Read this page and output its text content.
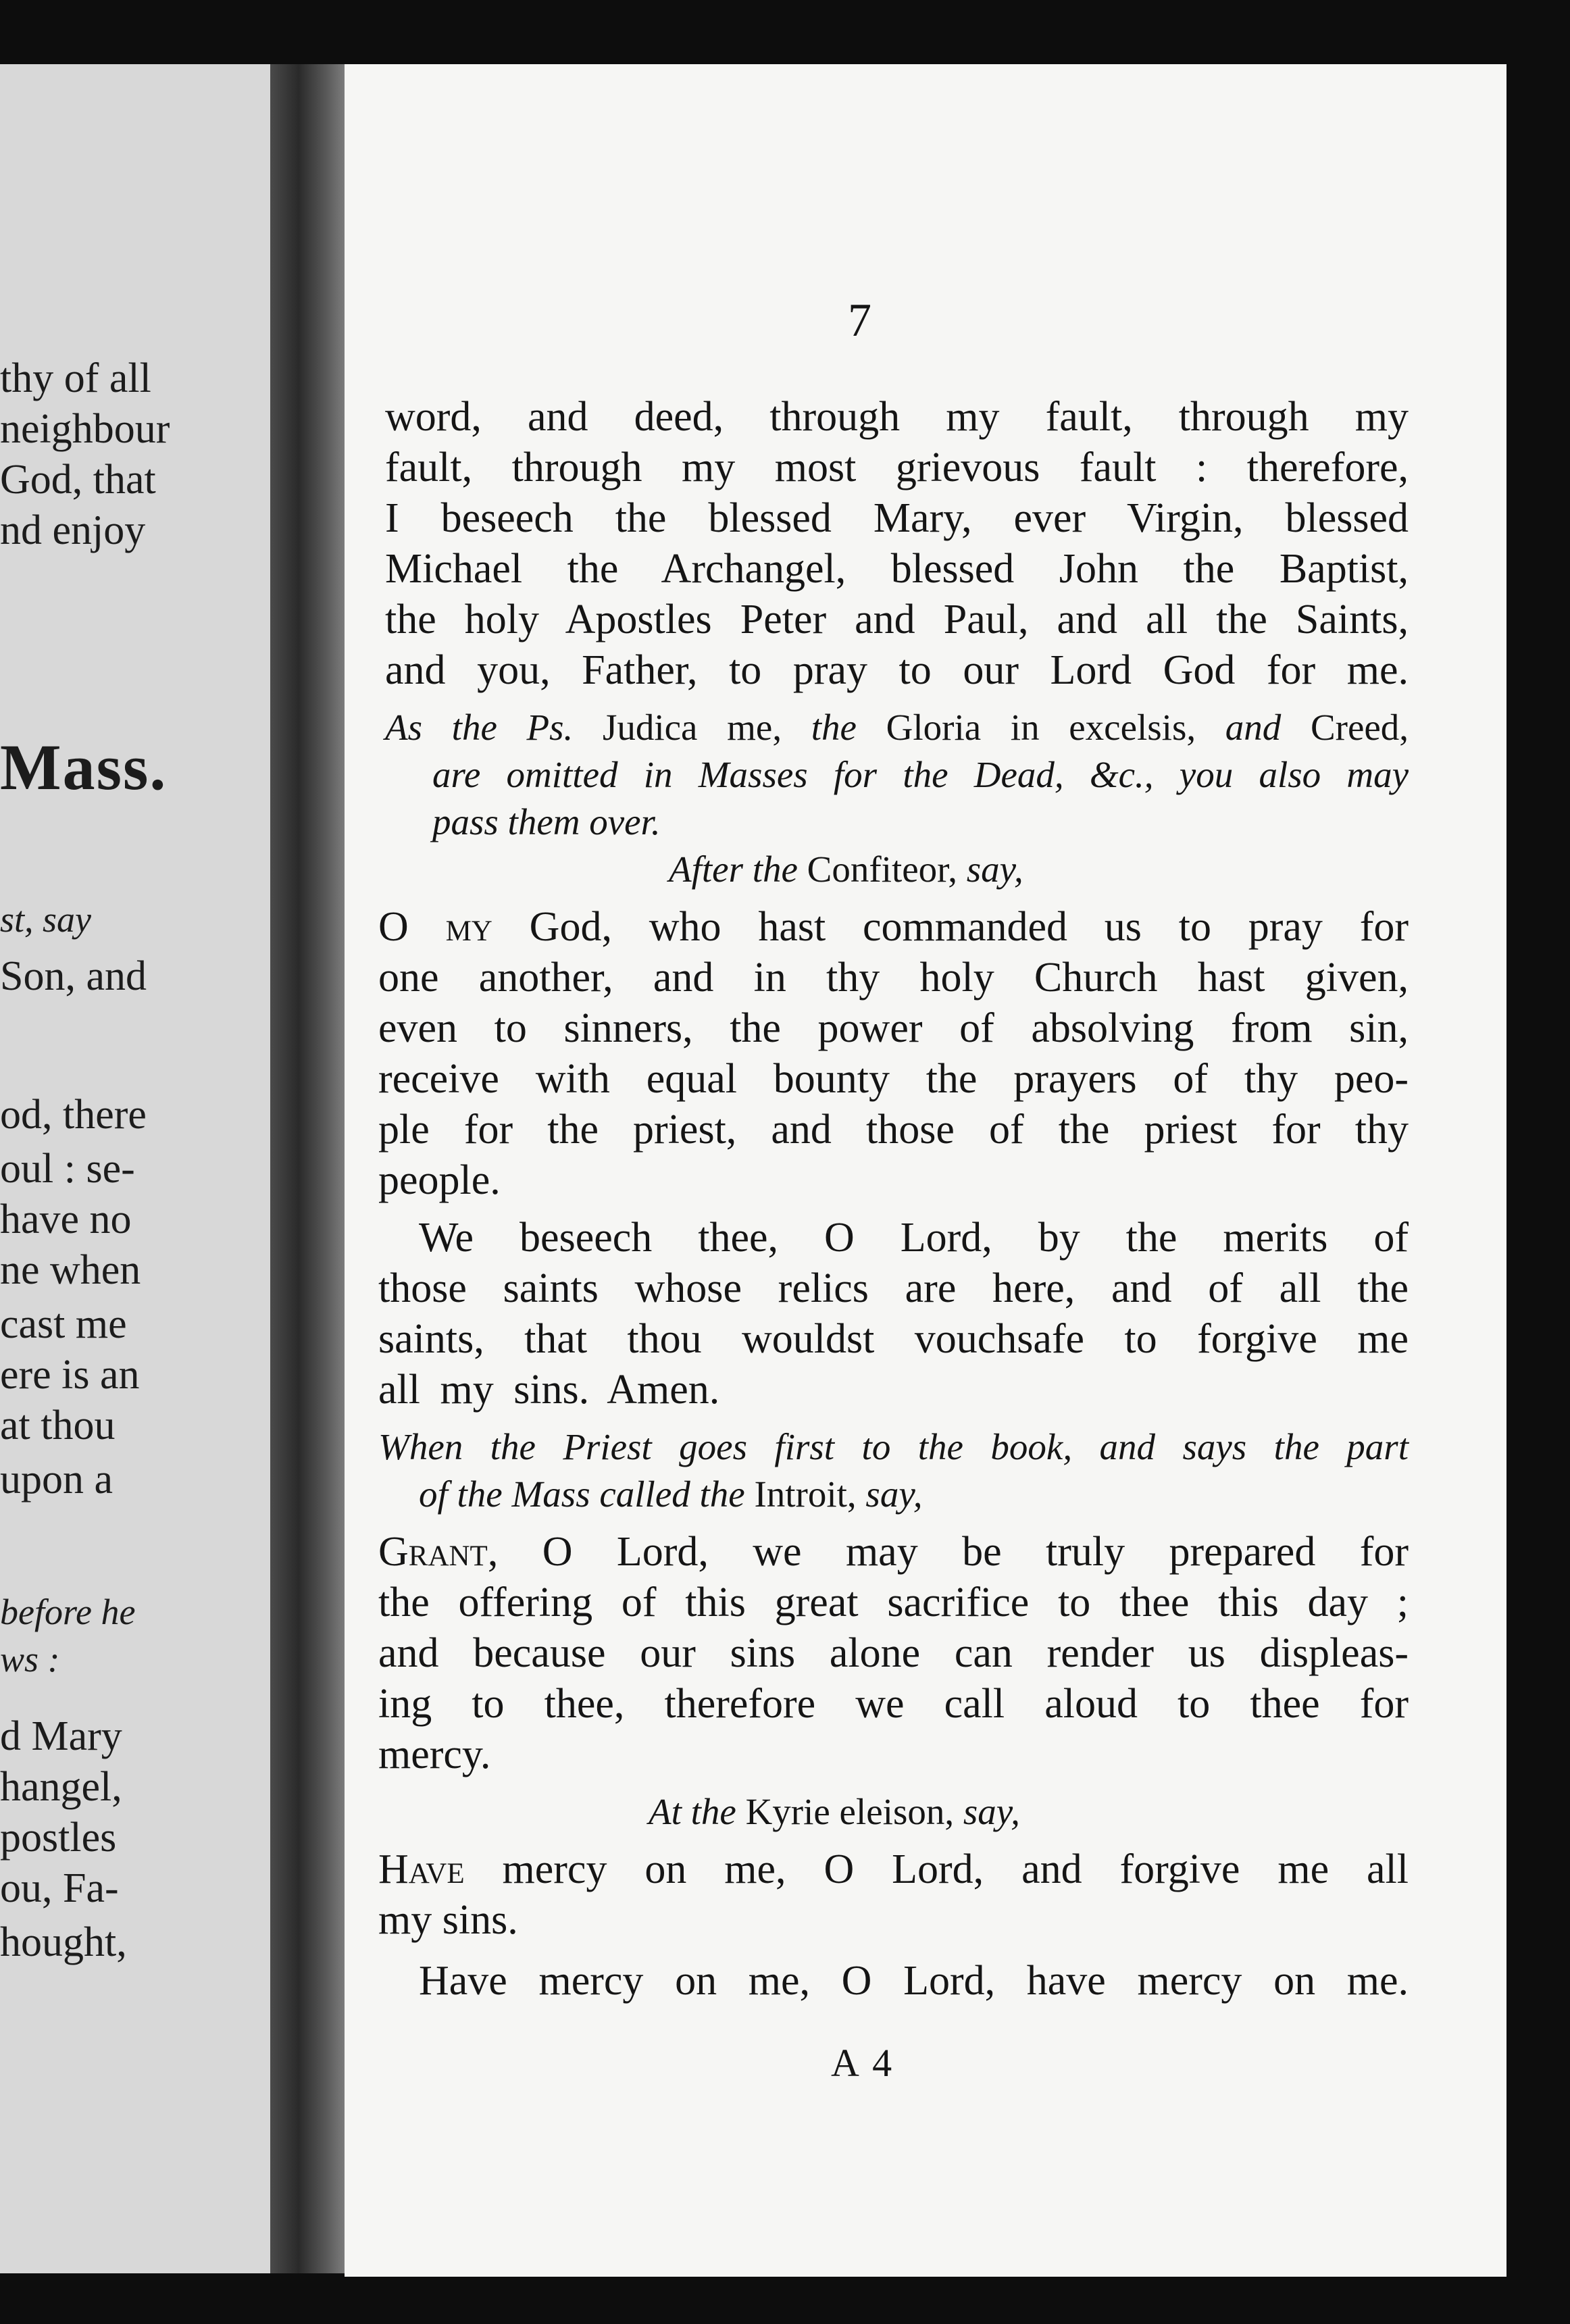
thy of all
neighbour
God, that
nd enjoy
Mass.
st, say
Son, and
od, there
oul : se-
have no
ne when
cast me
ere is an
at thou
upon a
before he
ws :
d Mary
hangel,
postles
ou, Fa-
hought,
7
word, and deed, through my fault, through my
fault, through my most grievous fault : therefore,
I beseech the blessed Mary, ever Virgin, blessed
Michael the Archangel, blessed John the Baptist,
the holy Apostles Peter and Paul, and all the Saints,
and you, Father, to pray to our Lord God for me.
As the Ps. Judica me, the Gloria in excelsis, and Creed,
are omitted in Masses for the Dead, &c., you also may
pass them over.
After the Confiteor, say,
O my God, who hast commanded us to pray for
one another, and in thy holy Church hast given,
even to sinners, the power of absolving from sin,
receive with equal bounty the prayers of thy peo-
ple for the priest, and those of the priest for thy
people.
We beseech thee, O Lord, by the merits of
those saints whose relics are here, and of all the
saints, that thou wouldst vouchsafe to forgive me
all my sins. Amen.
When the Priest goes first to the book, and says the part
of the Mass called the Introit, say,
Grant, O Lord, we may be truly prepared for
the offering of this great sacrifice to thee this day ;
and because our sins alone can render us displeas-
ing to thee, therefore we call aloud to thee for
mercy.
At the Kyrie eleison, say,
Have mercy on me, O Lord, and forgive me all
my sins.
Have mercy on me, O Lord, have mercy on me.
A 4
